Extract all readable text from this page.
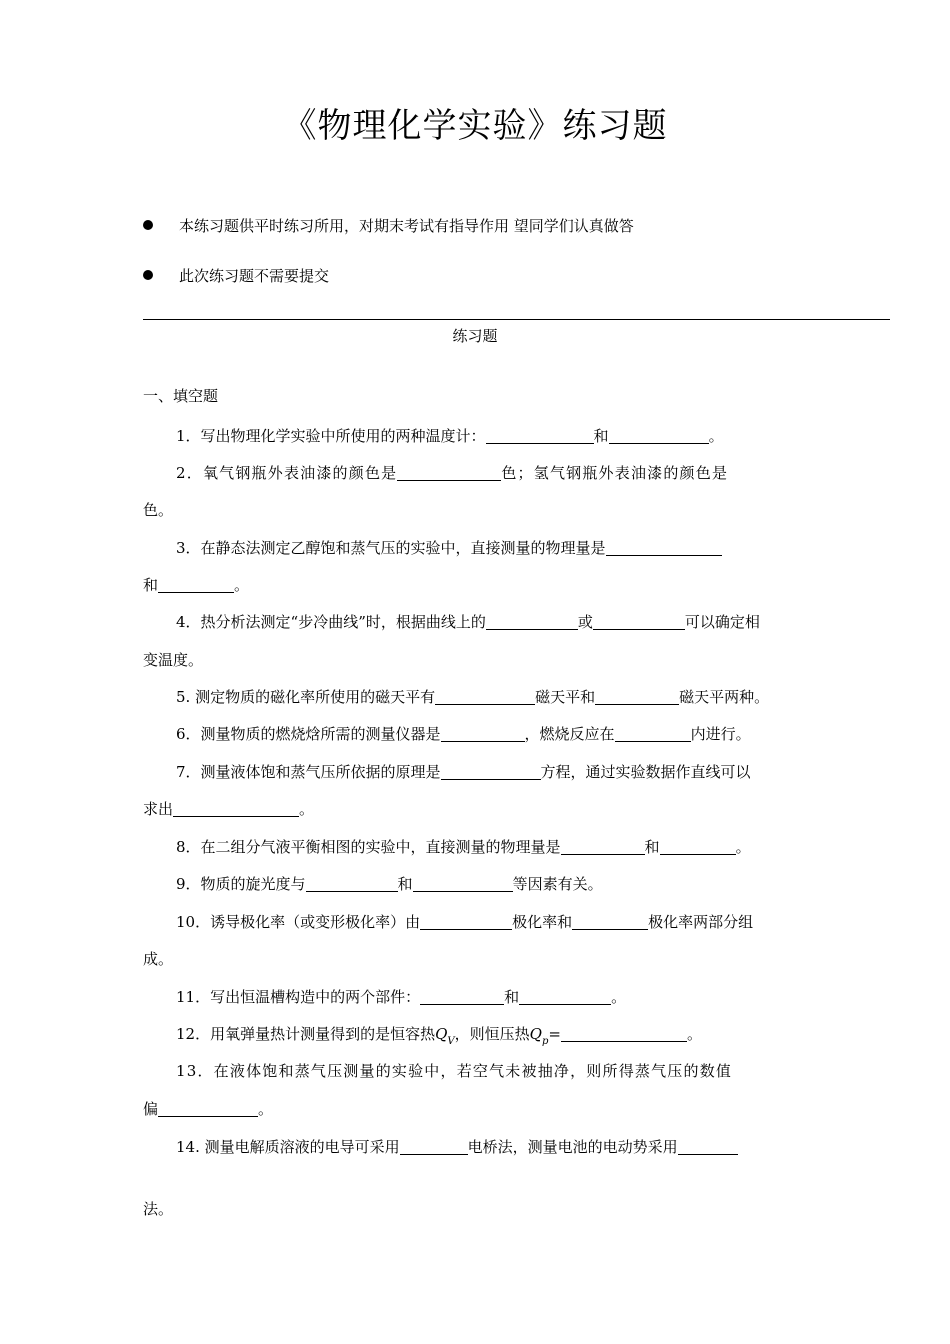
《物理化学实验》练习题
本练习题供平时练习所用，对期末考试有指导作用 望同学们认真做答
此次练习题不需要提交
练习题
一、填空题
1．写出物理化学实验中所使用的两种温度计：	和	。
2．氧气钢瓶外表油漆的颜色是	色；氢气钢瓶外表油漆的颜色是
色。
3．在静态法测定乙醇饱和蒸气压的实验中，直接测量的物理量是
和	。
4．热分析法测定“步冷曲线”时，根据曲线上的	或	可以确定相
变温度。
5. 测定物质的磁化率所使用的磁天平有	磁天平和	磁天平两种。
6．测量物质的燃烧焓所需的测量仪器是	，燃烧反应在	内进行。
7．测量液体饱和蒸气压所依据的原理是	方程，通过实验数据作直线可以
求出	。
8．在二组分气液平衡相图的实验中，直接测量的物理量是	和	。
9．物质的旋光度与	和	等因素有关。
10．诱导极化率（或变形极化率）由	极化率和	极化率两部分组
成。
11．写出恒温槽构造中的两个部件：	和	。
12．用氧弹量热计测量得到的是恒容热$Q_V$，则恒压热$Q_p=$	。
13．在液体饱和蒸气压测量的实验中，若空气未被抽净，则所得蒸气压的数值
偏	。
14. 测量电解质溶液的电导可采用	电桥法，测量电池的电动势采用
法。
